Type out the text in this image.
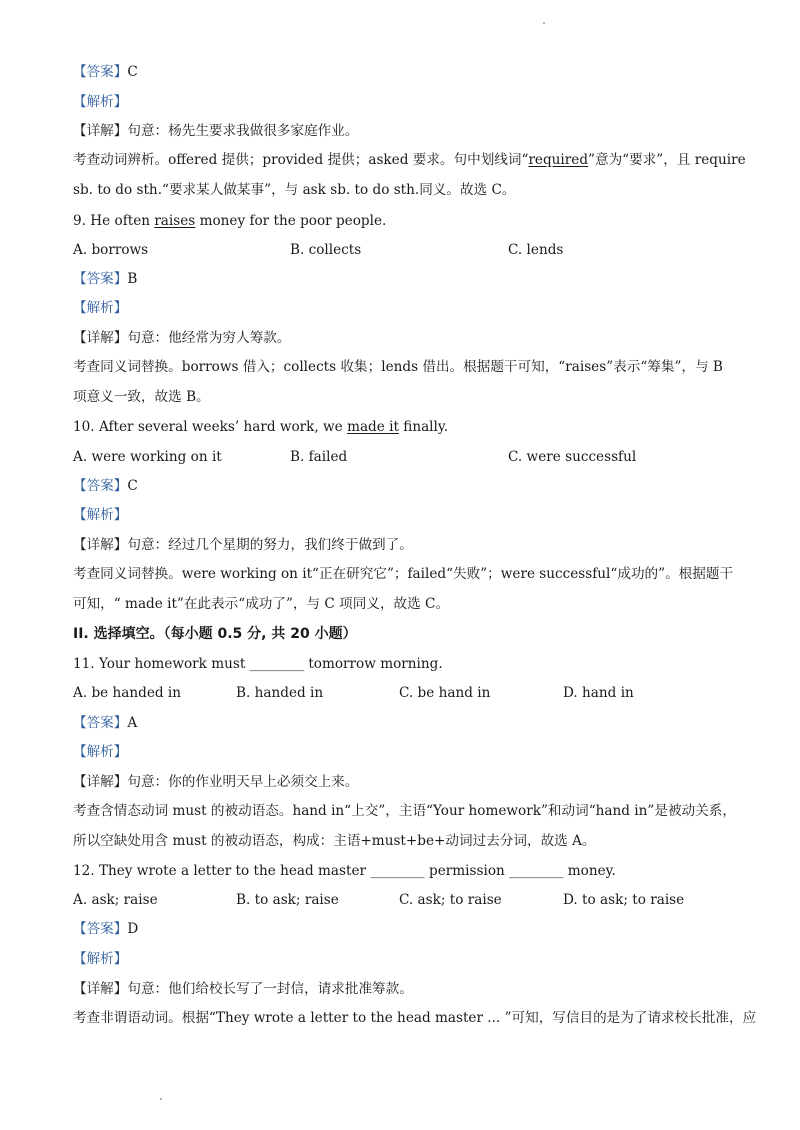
【答案】C
【解析】
【详解】句意：杨先生要求我做很多家庭作业。
考查动词辨析。offered 提供；provided 提供；asked 要求。句中划线词“required”意为“要求”，且 require
sb. to do sth.“要求某人做某事”，与 ask sb. to do sth.同义。故选 C。
9. He often raises money for the poor people.
A. borrows	B. collects	C. lends
【答案】B
【解析】
【详解】句意：他经常为穷人筹款。
考查同义词替换。borrows 借入；collects 收集；lends 借出。根据题干可知，“raises”表示“筹集”，与 B
项意义一致，故选 B。
10. After several weeks’ hard work, we made it finally.
A. were working on it	B. failed	C. were successful
【答案】C
【解析】
【详解】句意：经过几个星期的努力，我们终于做到了。
考查同义词替换。were working on it“正在研究它”；failed“失败”；were successful“成功的”。根据题干
可知，“ made it”在此表示“成功了”，与 C 项同义，故选 C。
II. 选择填空。（每小题 0.5 分, 共 20 小题）
11. Your homework must ________ tomorrow morning.
A. be handed in	B. handed in	C. be hand in	D. hand in
【答案】A
【解析】
【详解】句意：你的作业明天早上必须交上来。
考查含情态动词 must 的被动语态。hand in“上交”，主语“Your homework”和动词“hand in”是被动关系，
所以空缺处用含 must 的被动语态，构成：主语+must+be+动词过去分词，故选 A。
12. They wrote a letter to the head master ________ permission ________ money.
A. ask; raise	B. to ask; raise	C. ask; to raise	D. to ask; to raise
【答案】D
【解析】
【详解】句意：他们给校长写了一封信，请求批准筹款。
考查非谓语动词。根据“They wrote a letter to the head master ... ”可知，写信目的是为了请求校长批准，应
